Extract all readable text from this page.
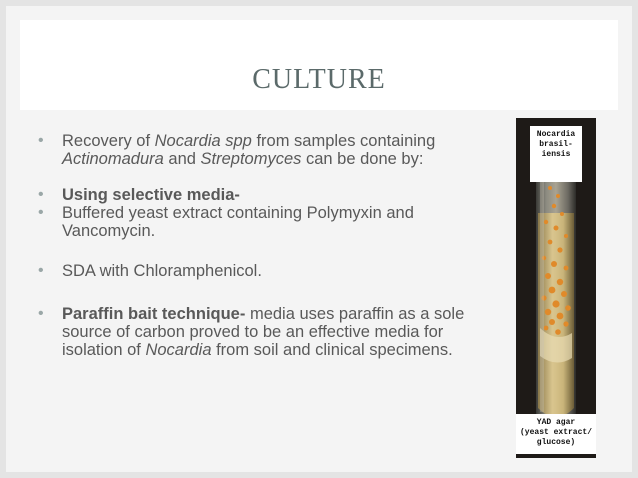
CULTURE
• Recovery of Nocardia spp from samples containing Actinomadura and Streptomyces can be done by:
• Using selective media-
• Buffered yeast extract containing Polymyxin and Vancomycin.
• SDA with Chloramphenicol.
• Paraffin bait technique- media uses paraffin as a sole source of carbon proved to be an effective media for isolation of Nocardia from soil and clinical specimens.
Nocardia
brasil-
iensis
YAD agar
(yeast extract/
glucose)
